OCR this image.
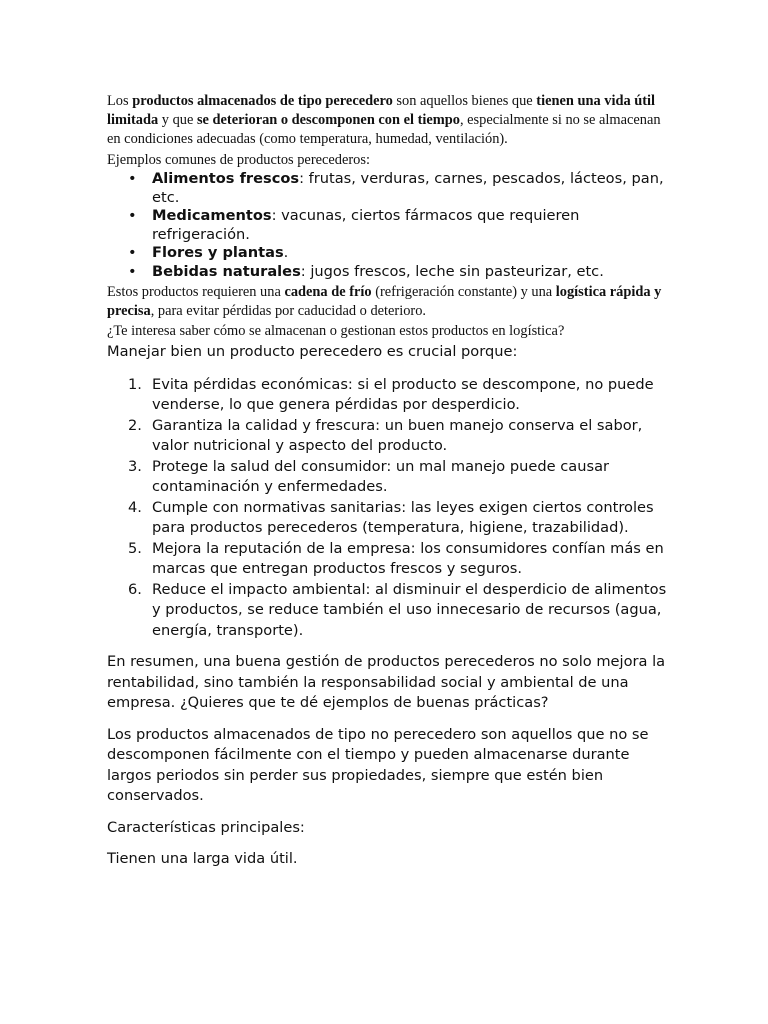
Los productos almacenados de tipo perecedero son aquellos bienes que tienen una vida útil limitada y que se deterioran o descomponen con el tiempo, especialmente si no se almacenan en condiciones adecuadas (como temperatura, humedad, ventilación).

Ejemplos comunes de productos perecederos:

• Alimentos frescos: frutas, verduras, carnes, pescados, lácteos, pan, etc.
• Medicamentos: vacunas, ciertos fármacos que requieren refrigeración.
• Flores y plantas.
• Bebidas naturales: jugos frescos, leche sin pasteurizar, etc.

Estos productos requieren una cadena de frío (refrigeración constante) y una logística rápida y precisa, para evitar pérdidas por caducidad o deterioro.

¿Te interesa saber cómo se almacenan o gestionan estos productos en logística?

Manejar bien un producto perecedero es crucial porque:

1. Evita pérdidas económicas: si el producto se descompone, no puede venderse, lo que genera pérdidas por desperdicio.
2. Garantiza la calidad y frescura: un buen manejo conserva el sabor, valor nutricional y aspecto del producto.
3. Protege la salud del consumidor: un mal manejo puede causar contaminación y enfermedades.
4. Cumple con normativas sanitarias: las leyes exigen ciertos controles para productos perecederos (temperatura, higiene, trazabilidad).
5. Mejora la reputación de la empresa: los consumidores confían más en marcas que entregan productos frescos y seguros.
6. Reduce el impacto ambiental: al disminuir el desperdicio de alimentos y productos, se reduce también el uso innecesario de recursos (agua, energía, transporte).

En resumen, una buena gestión de productos perecederos no solo mejora la rentabilidad, sino también la responsabilidad social y ambiental de una empresa. ¿Quieres que te dé ejemplos de buenas prácticas?

Los productos almacenados de tipo no perecedero son aquellos que no se descomponen fácilmente con el tiempo y pueden almacenarse durante largos periodos sin perder sus propiedades, siempre que estén bien conservados.

Características principales:

Tienen una larga vida útil.
